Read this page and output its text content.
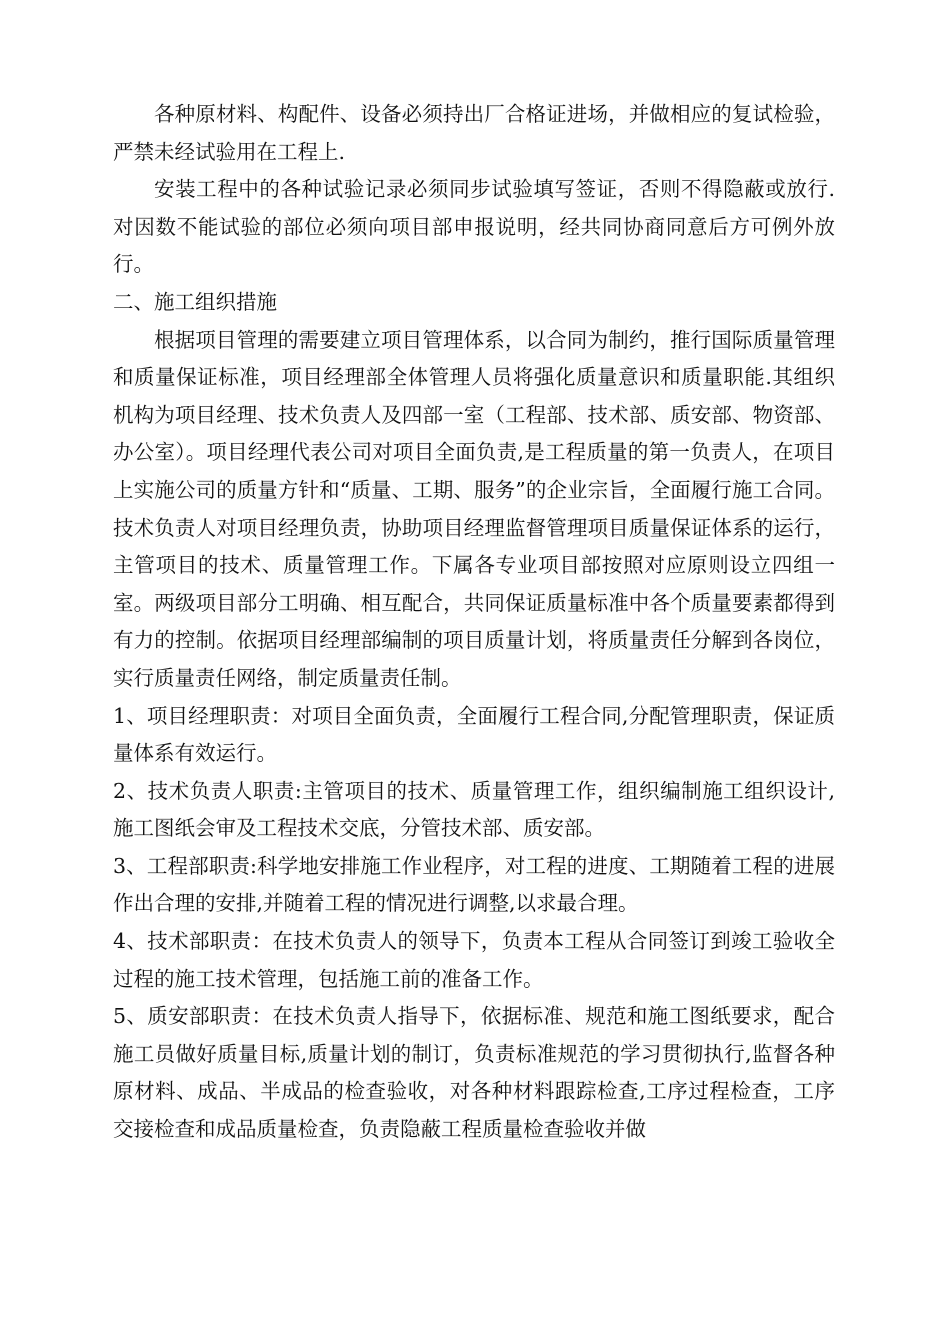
各种原材料、构配件、设备必须持出厂合格证进场，并做相应的复试检验，严禁未经试验用在工程上.

安装工程中的各种试验记录必须同步试验填写签证，否则不得隐蔽或放行.对因数不能试验的部位必须向项目部申报说明，经共同协商同意后方可例外放行。

二、施工组织措施

根据项目管理的需要建立项目管理体系，以合同为制约，推行国际质量管理和质量保证标准，项目经理部全体管理人员将强化质量意识和质量职能.其组织机构为项目经理、技术负责人及四部一室（工程部、技术部、质安部、物资部、办公室）。项目经理代表公司对项目全面负责,是工程质量的第一负责人，在项目上实施公司的质量方针和“质量、工期、服务”的企业宗旨，全面履行施工合同。技术负责人对项目经理负责，协助项目经理监督管理项目质量保证体系的运行，主管项目的技术、质量管理工作。下属各专业项目部按照对应原则设立四组一室。两级项目部分工明确、相互配合，共同保证质量标准中各个质量要素都得到有力的控制。依据项目经理部编制的项目质量计划，将质量责任分解到各岗位，实行质量责任网络，制定质量责任制。

1、项目经理职责：对项目全面负责，全面履行工程合同,分配管理职责，保证质量体系有效运行。

2、技术负责人职责:主管项目的技术、质量管理工作，组织编制施工组织设计,施工图纸会审及工程技术交底，分管技术部、质安部。

3、工程部职责:科学地安排施工作业程序，对工程的进度、工期随着工程的进展作出合理的安排,并随着工程的情况进行调整,以求最合理。

4、技术部职责：在技术负责人的领导下，负责本工程从合同签订到竣工验收全过程的施工技术管理，包括施工前的准备工作。

5、质安部职责：在技术负责人指导下，依据标准、规范和施工图纸要求，配合施工员做好质量目标,质量计划的制订，负责标准规范的学习贯彻执行,监督各种原材料、成品、半成品的检查验收，对各种材料跟踪检查,工序过程检查，工序交接检查和成品质量检查，负责隐蔽工程质量检查验收并做
